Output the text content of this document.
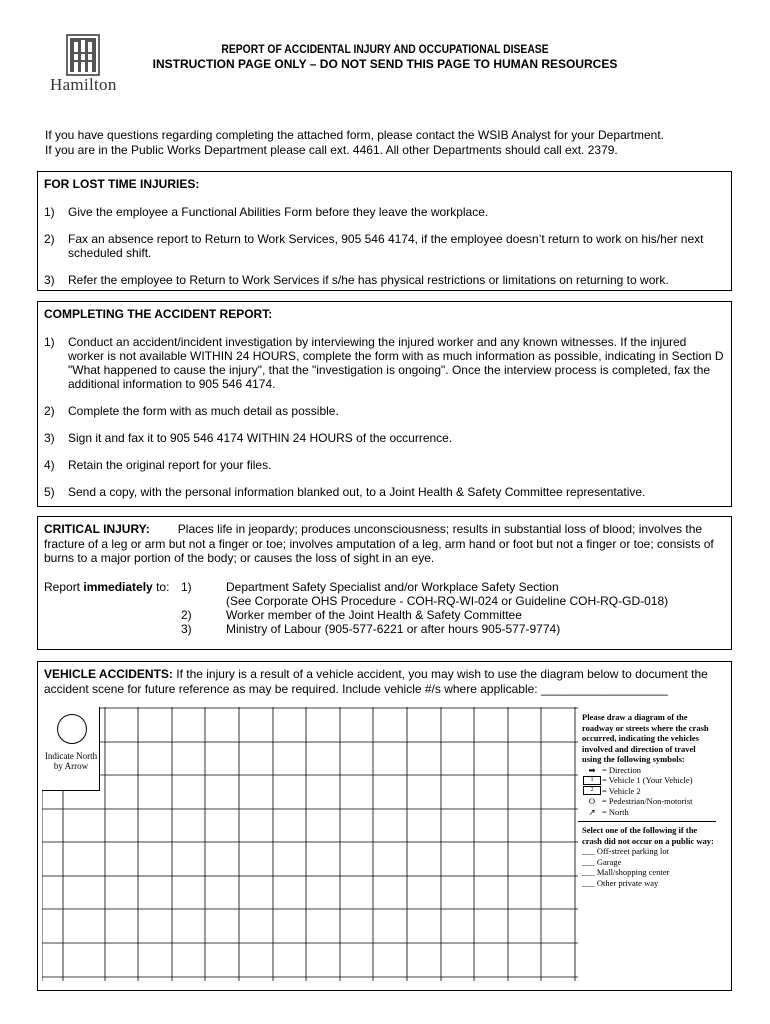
Hamilton
REPORT OF ACCIDENTAL INJURY AND OCCUPATIONAL DISEASE
INSTRUCTION PAGE ONLY – DO NOT SEND THIS PAGE TO HUMAN RESOURCES
If you have questions regarding completing the attached form, please contact the WSIB Analyst for your Department.
If you are in the Public Works Department please call ext. 4461. All other Departments should call ext. 2379.
FOR LOST TIME INJURIES:
1) Give the employee a Functional Abilities Form before they leave the workplace.
2) Fax an absence report to Return to Work Services, 905 546 4174, if the employee doesn’t return to work on his/her next scheduled shift.
3) Refer the employee to Return to Work Services if s/he has physical restrictions or limitations on returning to work.
COMPLETING THE ACCIDENT REPORT:
1) Conduct an accident/incident investigation by interviewing the injured worker and any known witnesses. If the injured worker is not available WITHIN 24 HOURS, complete the form with as much information as possible, indicating in Section D "What happened to cause the injury", that the "investigation is ongoing". Once the interview process is completed, fax the additional information to 905 546 4174.
2) Complete the form with as much detail as possible.
3) Sign it and fax it to 905 546 4174 WITHIN 24 HOURS of the occurrence.
4) Retain the original report for your files.
5) Send a copy, with the personal information blanked out, to a Joint Health & Safety Committee representative.
CRITICAL INJURY: Places life in jeopardy; produces unconsciousness; results in substantial loss of blood; involves the fracture of a leg or arm but not a finger or toe; involves amputation of a leg, arm hand or foot but not a finger or toe; consists of burns to a major portion of the body; or causes the loss of sight in an eye.
Report immediately to: 1)	Department Safety Specialist and/or Workplace Safety Section
(See Corporate OHS Procedure - COH-RQ-WI-024 or Guideline COH-RQ-GD-018)
2)	Worker member of the Joint Health & Safety Committee
3)	Ministry of Labour (905-577-6221 or after hours 905-577-9774)
VEHICLE ACCIDENTS: If the injury is a result of a vehicle accident, you may wish to use the diagram below to document the accident scene for future reference as may be required. Include vehicle #/s where applicable: ___________________
Indicate North by Arrow
Please draw a diagram of the roadway or streets where the crash occurred, indicating the vehicles involved and direction of travel using the following symbols:
➡ = Direction
1	= Vehicle 1 (Your Vehicle)
2	= Vehicle 2
O = Pedestrian/Non-motorist
↗ = North
Select one of the following if the crash did not occur on a public way:
___ Off-street parking lot
___ Garage
___ Mall/shopping center
___ Other private way
